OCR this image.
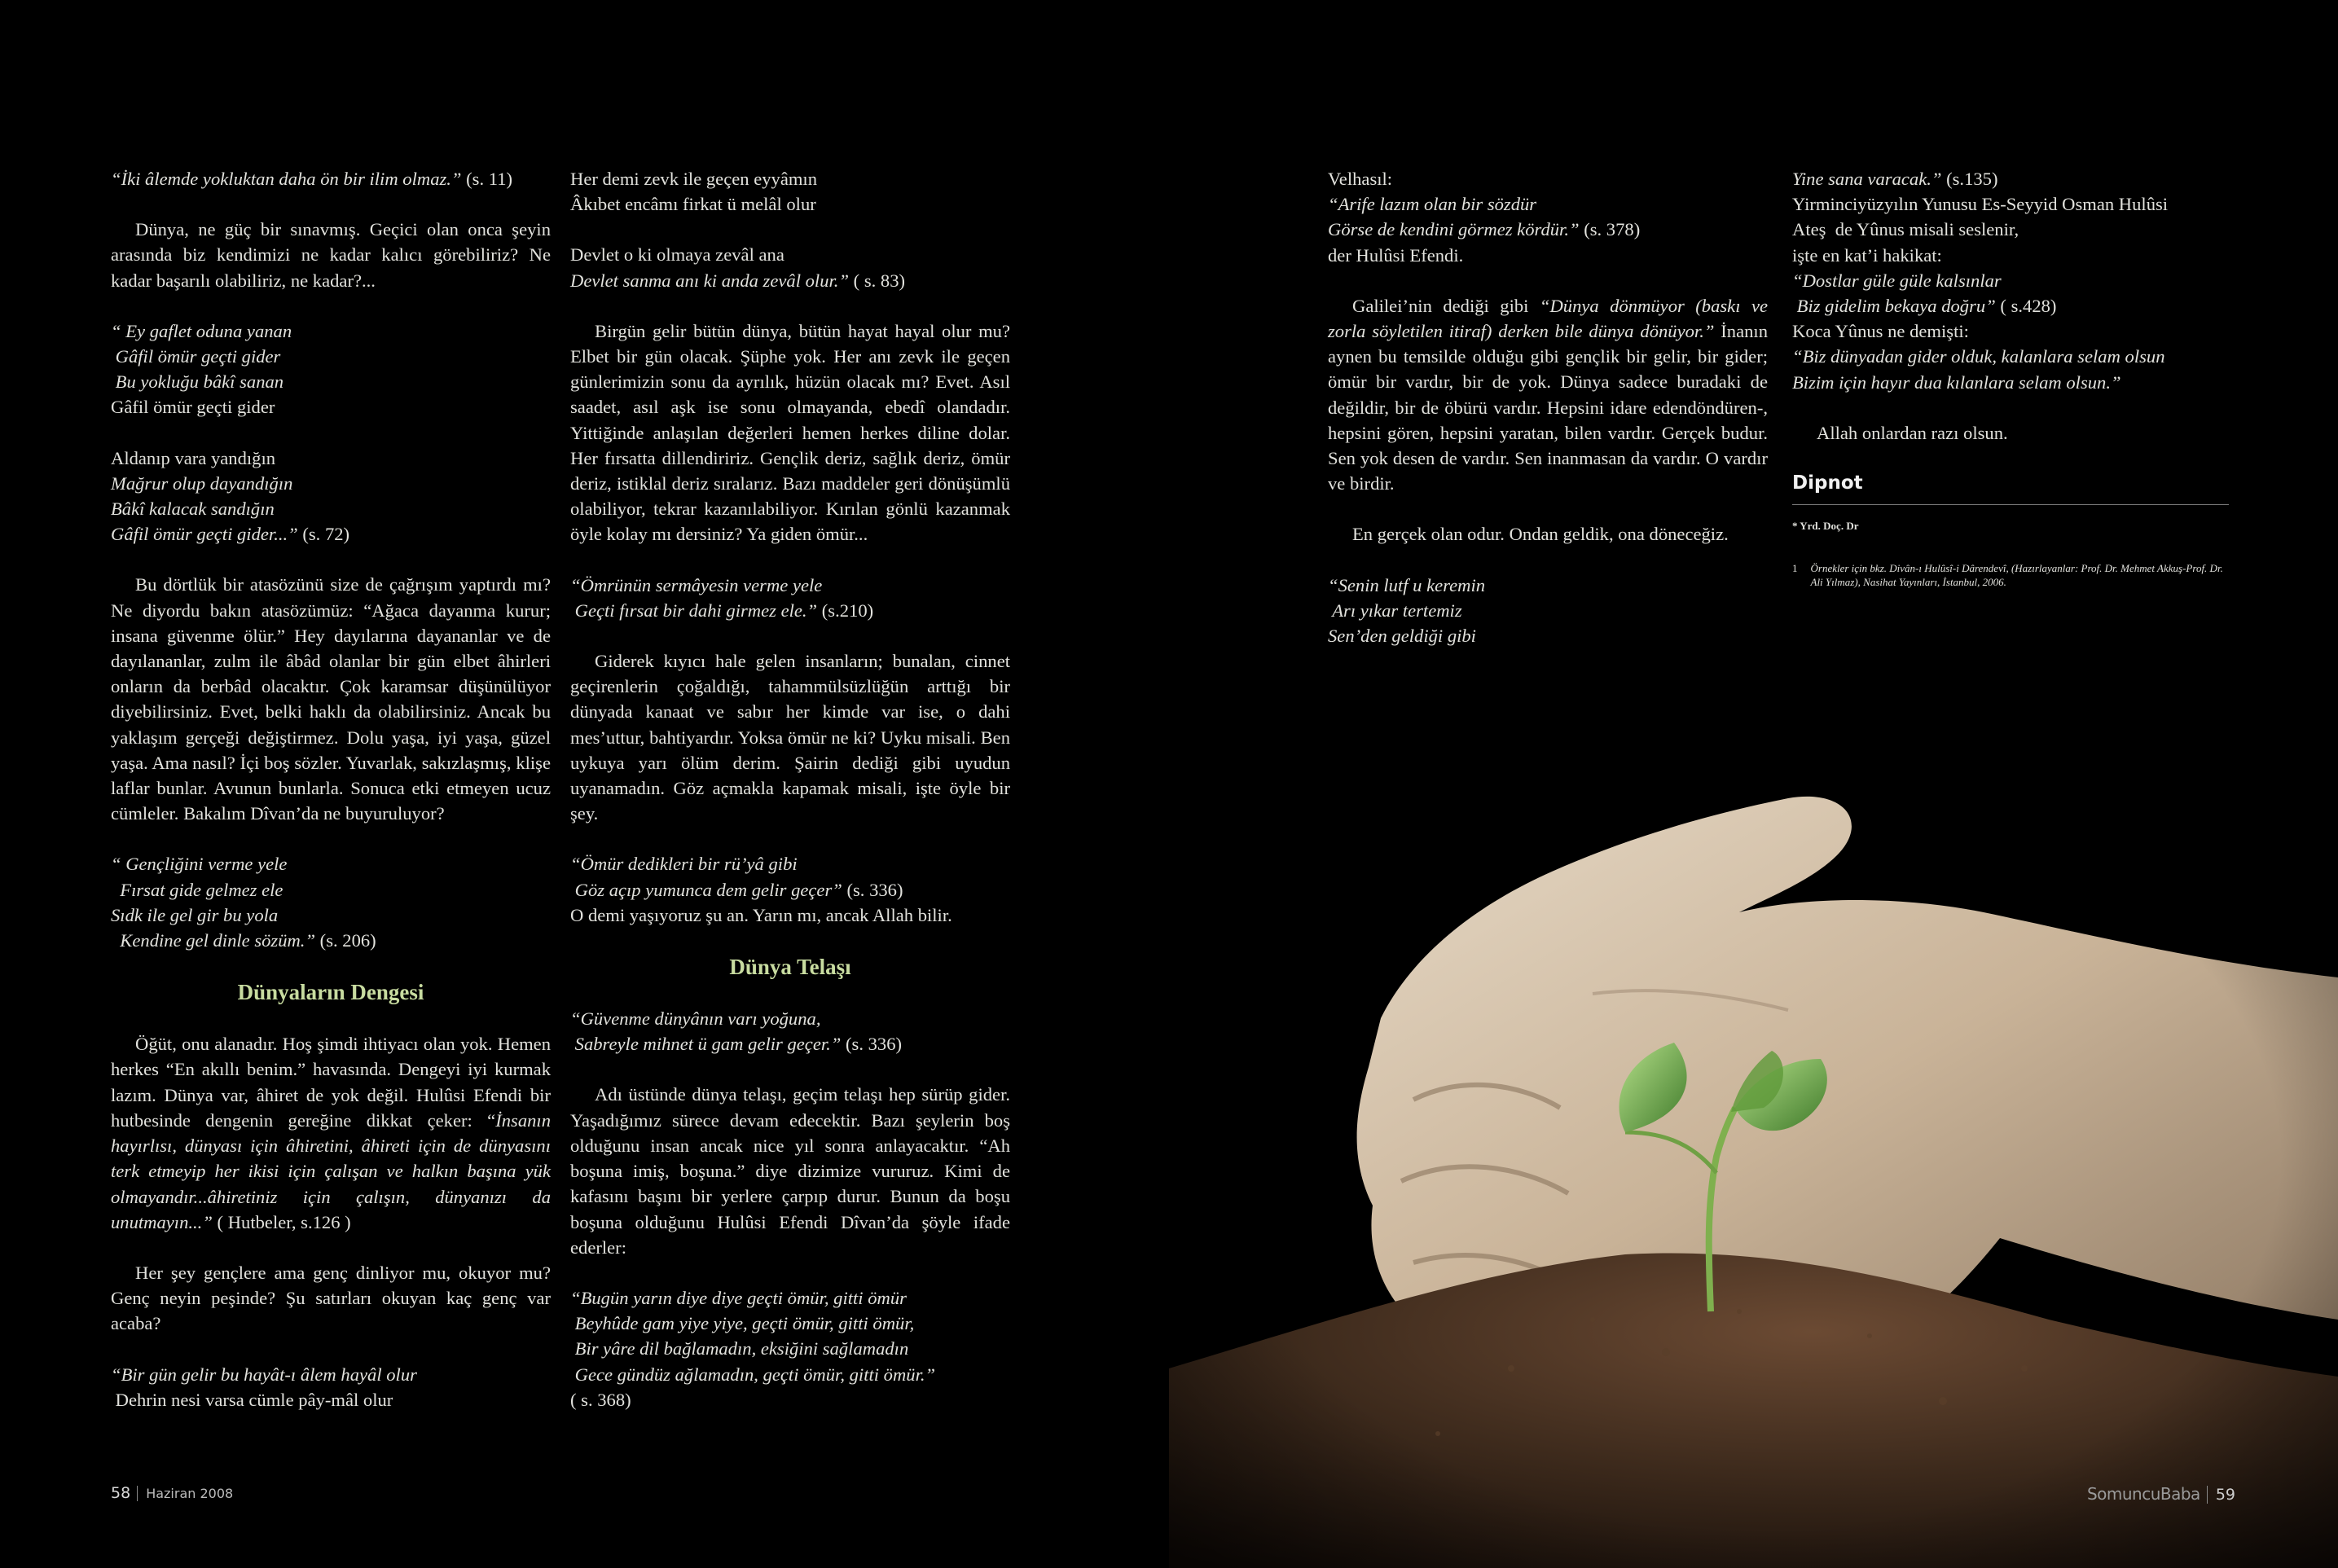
“İki âlemde yokluktan daha ön bir ilim olmaz.” (s. 11)
Dünya, ne güç bir sınavmış. Geçici olan onca şeyin arasında biz kendimizi ne kadar kalıcı görebiliriz? Ne kadar başarılı olabiliriz, ne kadar?...
“ Ey gaflet oduna yanan
Gâfil ömür geçti gider
Bu yokluğu bâkî sanan
Gâfil ömür geçti gider
Aldanıp vara yandığın
Mağrur olup dayandığın
Bâkî kalacak sandığın
Gâfil ömür geçti gider...” (s. 72)
Bu dörtlük bir atasözünü size de çağrışım yaptırdı mı? Ne diyordu bakın atasözümüz: “Ağaca dayanma kurur; insana güvenme ölür.” Hey dayılarına dayananlar ve de dayılananlar, zulm ile âbâd olanlar bir gün elbet âhirleri onların da berbâd olacaktır. Çok karamsar düşünülüyor diyebilirsiniz. Evet, belki haklı da olabilirsiniz. Ancak bu yaklaşım gerçeği değiştirmez. Dolu yaşa, iyi yaşa, güzel yaşa. Ama nasıl? İçi boş sözler. Yuvarlak, sakızlaşmış, klişe laflar bunlar. Avunun bunlarla. Sonuca etki etmeyen ucuz cümleler. Bakalım Dîvan’da ne buyuruluyor?
“ Gençliğini verme yele
Fırsat gide gelmez ele
Sıdk ile gel gir bu yola
Kendine gel dinle sözüm.” (s. 206)
Dünyaların Dengesi
Öğüt, onu alanadır. Hoş şimdi ihtiyacı olan yok. Hemen herkes “En akıllı benim.” havasında. Dengeyi iyi kurmak lazım. Dünya var, âhiret de yok değil. Hulûsi Efendi bir hutbesinde dengenin gereğine dikkat çeker: “İnsanın hayırlısı, dünyası için âhiretini, âhireti için de dünyasını terk etmeyip her ikisi için çalışan ve halkın başına yük olmayandır...âhiretiniz için çalışın, dünyanızı da unutmayın...” ( Hutbeler, s.126 )
Her şey gençlere ama genç dinliyor mu, okuyor mu? Genç neyin peşinde? Şu satırları okuyan kaç genç var acaba?
“Bir gün gelir bu hayât-ı âlem hayâl olur
Dehrin nesi varsa cümle pây-mâl olur
Her demi zevk ile geçen eyyâmın
Âkıbet encâmı firkat ü melâl olur
Devlet o ki olmaya zevâl ana
Devlet sanma anı ki anda zevâl olur.” ( s. 83)
Birgün gelir bütün dünya, bütün hayat hayal olur mu? Elbet bir gün olacak. Şüphe yok. Her anı zevk ile geçen günlerimizin sonu da ayrılık, hüzün olacak mı? Evet. Asıl saadet, asıl aşk ise sonu olmayanda, ebedî olandadır. Yittiğinde anlaşılan değerleri hemen herkes diline dolar. Her fırsatta dillendiririz. Gençlik deriz, sağlık deriz, ömür deriz, istiklal deriz sıralarız. Bazı maddeler geri dönüşümlü olabiliyor, tekrar kazanılabiliyor. Kırılan gönlü kazanmak öyle kolay mı dersiniz? Ya giden ömür...
“Ömrünün sermâyesin verme yele
Geçti fırsat bir dahi girmez ele.” (s.210)
Giderek kıyıcı hale gelen insanların; bunalan, cinnet geçirenlerin çoğaldığı, tahammülsüzlüğün arttığı bir dünyada kanaat ve sabır her kimde var ise, o dahi mes’uttur, bahtiyardır. Yoksa ömür ne ki? Uyku misali. Ben uykuya yarı ölüm derim. Şairin dediği gibi uyudun uyanamadın. Göz açmakla kapamak misali, işte öyle bir şey.
“Ömür dedikleri bir rü’yâ gibi
Göz açıp yumunca dem gelir geçer” (s. 336)
O demi yaşıyoruz şu an. Yarın mı, ancak Allah bilir.
Dünya Telaşı
“Güvenme dünyânın varı yoğuna,
Sabreyle mihnet ü gam gelir geçer.” (s. 336)
Adı üstünde dünya telaşı, geçim telaşı hep sürüp gider. Yaşadığımız sürece devam edecektir. Bazı şeylerin boş olduğunu insan ancak nice yıl sonra anlayacaktır. “Ah boşuna imiş, boşuna.” diye dizimize vururuz. Kimi de kafasını başını bir yerlere çarpıp durur. Bunun da boşu boşuna olduğunu Hulûsi Efendi Dîvan’da şöyle ifade ederler:
“Bugün yarın diye diye geçti ömür, gitti ömür
Beyhûde gam yiye yiye, geçti ömür, gitti ömür,
Bir yâre dil bağlamadın, eksiğini sağlamadın
Gece gündüz ağlamadın, geçti ömür, gitti ömür.”
( s. 368)
Velhasıl:
“Arife lazım olan bir sözdür
Görse de kendini görmez kördür.” (s. 378)
der Hulûsi Efendi.
Galilei’nin dediği gibi “Dünya dönmüyor (baskı ve zorla söyletilen itiraf) derken bile dünya dönüyor.” İnanın aynen bu temsilde olduğu gibi gençlik bir gelir, bir gider; ömür bir vardır, bir de yok. Dünya sadece buradaki de değildir, bir de öbürü vardır. Hepsini idare edendöndüren-, hepsini gören, hepsini yaratan, bilen vardır. Gerçek budur. Sen yok desen de vardır. Sen inanmasan da vardır. O vardır ve birdir.
En gerçek olan odur. Ondan geldik, ona döneceğiz.
“Senin lutf u keremin
Arı yıkar tertemiz
Sen’den geldiği gibi
Yine sana varacak.” (s.135)
Yirminciyüzyılın Yunusu Es-Seyyid Osman Hulûsi
Ateş  de Yûnus misali seslenir,
işte en kat’i hakikat:
“Dostlar güle güle kalsınlar
Biz gidelim bekaya doğru” ( s.428)
Koca Yûnus ne demişti:
“Biz dünyadan gider olduk, kalanlara selam olsun
Bizim için hayır dua kılanlara selam olsun.”
Allah onlardan razı olsun.
Dipnot
* Yrd. Doç. Dr
1 Örnekler için bkz. Divân-ı Hulûsî-i Dârendevî, (Hazırlayanlar: Prof. Dr. Mehmet Akkuş-Prof. Dr. Ali Yılmaz), Nasihat Yayınları, İstanbul, 2006.
58 Haziran 2008	SomuncuBaba 59
